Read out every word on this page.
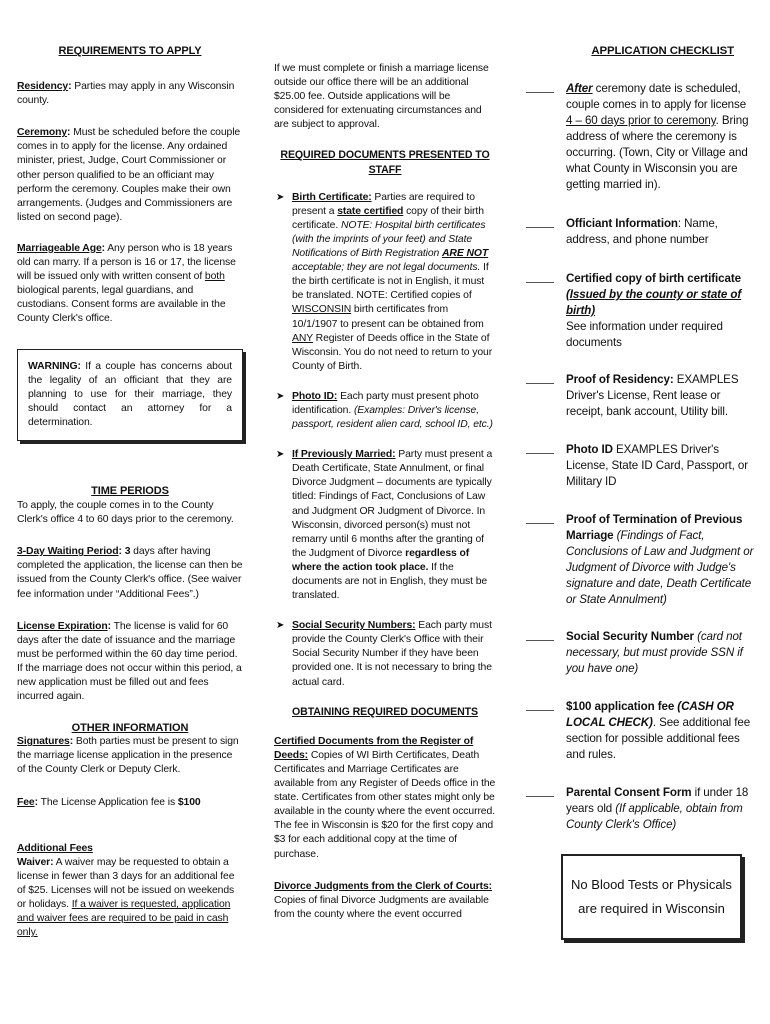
REQUIREMENTS TO APPLY

Residency: Parties may apply in any Wisconsin county.

Ceremony: Must be scheduled before the couple comes in to apply for the license. Any ordained minister, priest, Judge, Court Commissioner or other person qualified to be an officiant may perform the ceremony. Couples make their own arrangements. (Judges and Commissioners are listed on second page).

Marriageable Age: Any person who is 18 years old can marry. If a person is 16 or 17, the license will be issued only with written consent of both biological parents, legal guardians, and custodians. Consent forms are available in the County Clerk's office.

WARNING: If a couple has concerns about the legality of an officiant that they are planning to use for their marriage, they should contact an attorney for a determination.

TIME PERIODS

To apply, the couple comes in to the County Clerk's office 4 to 60 days prior to the ceremony.

3-Day Waiting Period: 3 days after having completed the application, the license can then be issued from the County Clerk's office. (See waiver fee information under “Additional Fees”.)

License Expiration: The license is valid for 60 days after the date of issuance and the marriage must be performed within the 60 day time period. If the marriage does not occur within this period, a new application must be filled out and fees incurred again.

OTHER INFORMATION

Signatures: Both parties must be present to sign the marriage license application in the presence of the County Clerk or Deputy Clerk.

Fee: The License Application fee is $100

Additional Fees

Waiver: A waiver may be requested to obtain a license in fewer than 3 days for an additional fee of $25. Licenses will not be issued on weekends or holidays. If a waiver is requested, application and waiver fees are required to be paid in cash only.

If we must complete or finish a marriage license outside our office there will be an additional $25.00 fee. Outside applications will be considered for extenuating circumstances and are subject to approval.

REQUIRED DOCUMENTS PRESENTED TO STAFF

➤ Birth Certificate: Parties are required to present a state certified copy of their birth certificate. NOTE: Hospital birth certificates (with the imprints of your feet) and State Notifications of Birth Registration ARE NOT acceptable; they are not legal documents. If the birth certificate is not in English, it must be translated. NOTE: Certified copies of WISCONSIN birth certificates from 10/1/1907 to present can be obtained from ANY Register of Deeds office in the State of Wisconsin. You do not need to return to your County of Birth.
➤ Photo ID: Each party must present photo identification. (Examples: Driver's license, passport, resident alien card, school ID, etc.)
➤ If Previously Married: Party must present a Death Certificate, State Annulment, or final Divorce Judgment – documents are typically titled: Findings of Fact, Conclusions of Law and Judgment OR Judgment of Divorce. In Wisconsin, divorced person(s) must not remarry until 6 months after the granting of the Judgment of Divorce regardless of where the action took place. If the documents are not in English, they must be translated.
➤ Social Security Numbers: Each party must provide the County Clerk's Office with their Social Security Number if they have been provided one. It is not necessary to bring the actual card.

OBTAINING REQUIRED DOCUMENTS

Certified Documents from the Register of Deeds: Copies of WI Birth Certificates, Death Certificates and Marriage Certificates are available from any Register of Deeds office in the state. Certificates from other states might only be available in the county where the event occurred. The fee in Wisconsin is $20 for the first copy and $3 for each additional copy at the time of purchase.

Divorce Judgments from the Clerk of Courts: Copies of final Divorce Judgments are available from the county where the event occurred

APPLICATION CHECKLIST

After ceremony date is scheduled, couple comes in to apply for license 4 – 60 days prior to ceremony. Bring address of where the ceremony is occurring. (Town, City or Village and what County in Wisconsin you are getting married in).
Officiant Information: Name, address, and phone number
Certified copy of birth certificate (Issued by the county or state of birth)
See information under required documents
Proof of Residency: EXAMPLES Driver's License, Rent lease or receipt, bank account, Utility bill.
Photo ID EXAMPLES Driver's License, State ID Card, Passport, or Military ID
Proof of Termination of Previous Marriage (Findings of Fact, Conclusions of Law and Judgment or Judgment of Divorce with Judge's signature and date, Death Certificate or State Annulment)
Social Security Number (card not necessary, but must provide SSN if you have one)
$100 application fee (CASH OR LOCAL CHECK). See additional fee section for possible additional fees and rules.
Parental Consent Form if under 18 years old (If applicable, obtain from County Clerk's Office)
No Blood Tests or Physicals are required in Wisconsin
